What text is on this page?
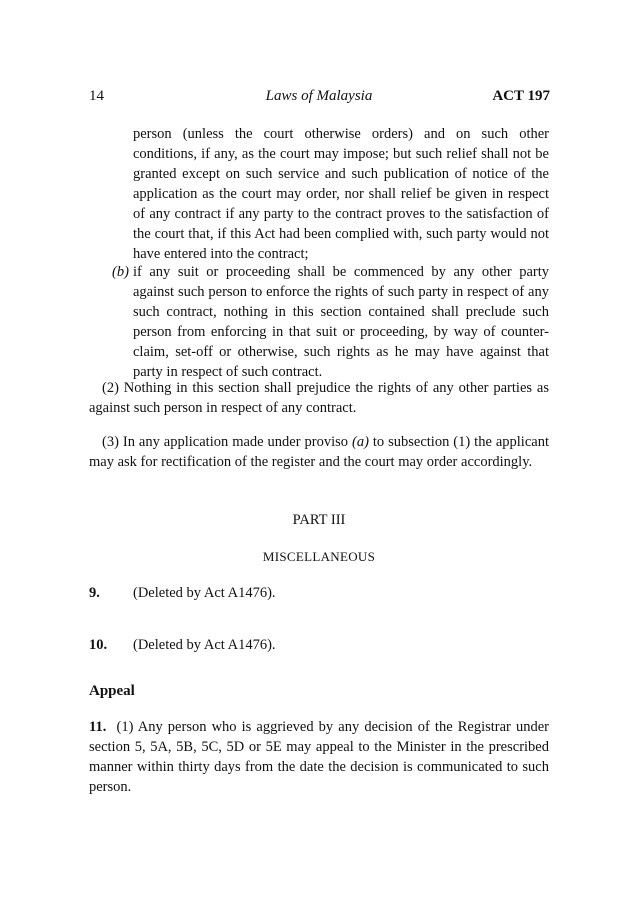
14	Laws of Malaysia	ACT 197
person (unless the court otherwise orders) and on such other conditions, if any, as the court may impose; but such relief shall not be granted except on such service and such publication of notice of the application as the court may order, nor shall relief be given in respect of any contract if any party to the contract proves to the satisfaction of the court that, if this Act had been complied with, such party would not have entered into the contract;
(b) if any suit or proceeding shall be commenced by any other party against such person to enforce the rights of such party in respect of any such contract, nothing in this section contained shall preclude such person from enforcing in that suit or proceeding, by way of counter-claim, set-off or otherwise, such rights as he may have against that party in respect of such contract.
(2) Nothing in this section shall prejudice the rights of any other parties as against such person in respect of any contract.
(3) In any application made under proviso (a) to subsection (1) the applicant may ask for rectification of the register and the court may order accordingly.
PART III
MISCELLANEOUS
9. (Deleted by Act A1476).
10. (Deleted by Act A1476).
Appeal
11. (1) Any person who is aggrieved by any decision of the Registrar under section 5, 5A, 5B, 5C, 5D or 5E may appeal to the Minister in the prescribed manner within thirty days from the date the decision is communicated to such person.
